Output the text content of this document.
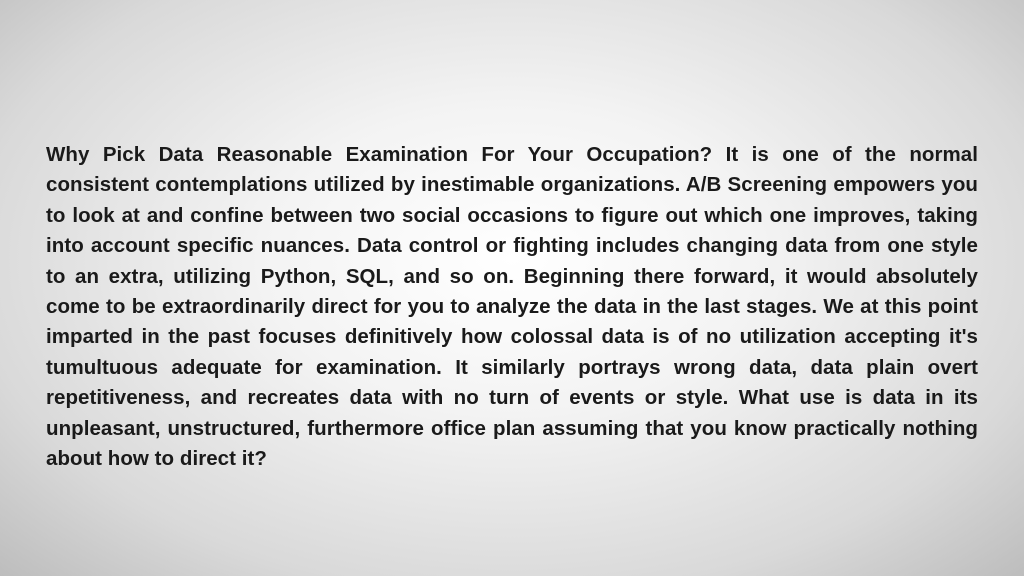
Why Pick Data Reasonable Examination For Your Occupation? It is one of the normal consistent contemplations utilized by inestimable organizations. A/B Screening empowers you to look at and confine between two social occasions to figure out which one improves, taking into account specific nuances. Data control or fighting includes changing data from one style to an extra, utilizing Python, SQL, and so on. Beginning there forward, it would absolutely come to be extraordinarily direct for you to analyze the data in the last stages. We at this point imparted in the past focuses definitively how colossal data is of no utilization accepting it's tumultuous adequate for examination. It similarly portrays wrong data, data plain overt repetitiveness, and recreates data with no turn of events or style. What use is data in its unpleasant, unstructured, furthermore office plan assuming that you know practically nothing about how to direct it?
